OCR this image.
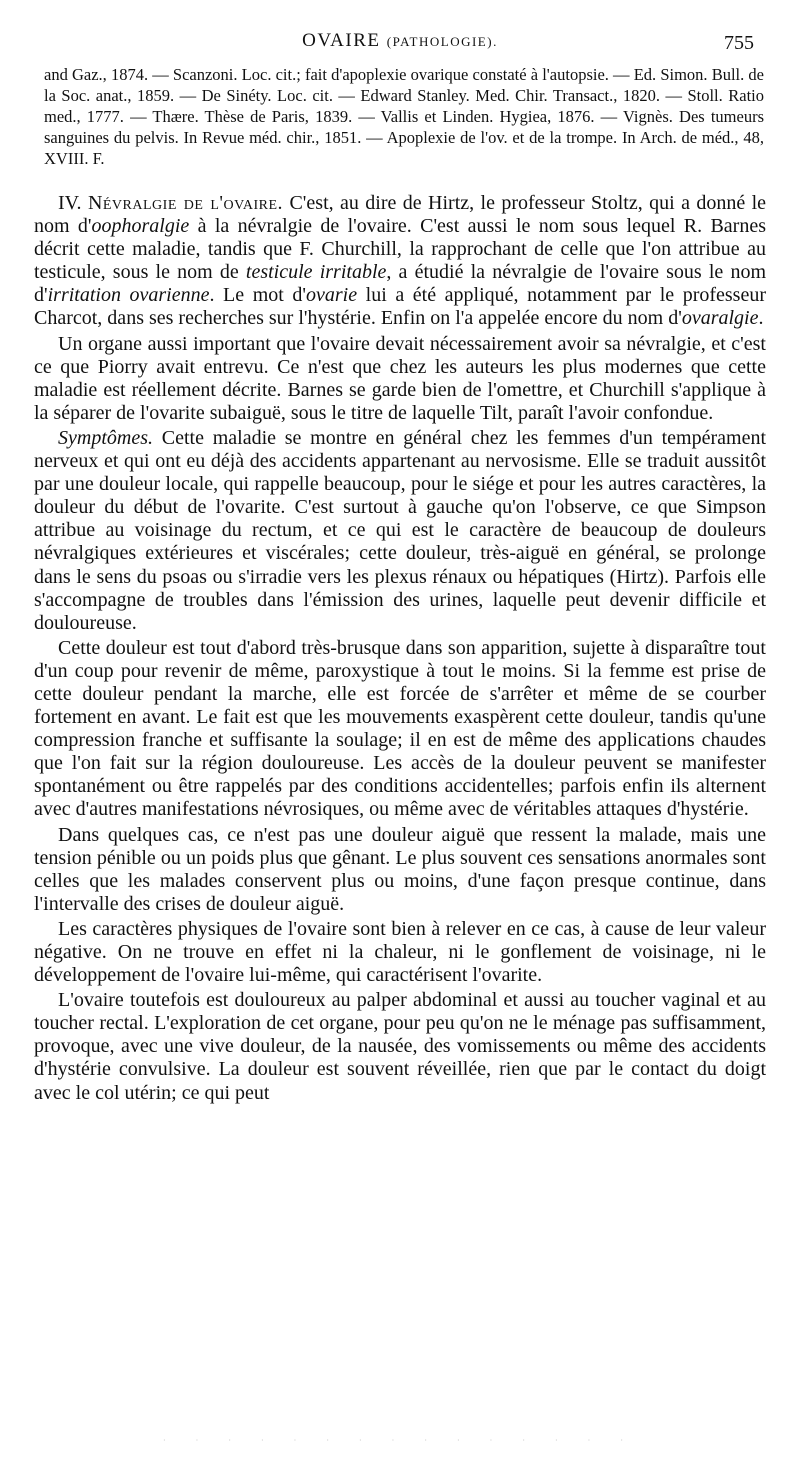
OVAIRE (PATHOLOGIE).	755

and Gaz., 1874. — Scanzoni. Loc. cit.; fait d'apoplexie ovarique constaté à l'autopsie. — Ed. Simon. Bull. de la Soc. anat., 1859. — De Sinéty. Loc. cit. — Edward Stanley. Med. Chir. Transact., 1820. — Stoll. Ratio med., 1777. — Thære. Thèse de Paris, 1839. — Vallis et Linden. Hygiea, 1876. — Vignès. Des tumeurs sanguines du pelvis. In Revue méd. chir., 1851. — Apoplexie de l'ov. et de la trompe. In Arch. de méd., 48, XVIII. F.

IV. Névralgie de l'ovaire. C'est, au dire de Hirtz, le professeur Stoltz, qui a donné le nom d'oophoralgie à la névralgie de l'ovaire. C'est aussi le nom sous lequel R. Barnes décrit cette maladie, tandis que F. Churchill, la rapprochant de celle que l'on attribue au testicule, sous le nom de testicule irritable, a étudié la névralgie de l'ovaire sous le nom d'irritation ovarienne. Le mot d'ovarie lui a été appliqué, notamment par le professeur Charcot, dans ses recherches sur l'hystérie. Enfin on l'a appelée encore du nom d'ovaralgie.

Un organe aussi important que l'ovaire devait nécessairement avoir sa névralgie, et c'est ce que Piorry avait entrevu. Ce n'est que chez les auteurs les plus modernes que cette maladie est réellement décrite. Barnes se garde bien de l'omettre, et Churchill s'applique à la séparer de l'ovarite subaiguë, sous le titre de laquelle Tilt, paraît l'avoir confondue.

Symptômes. Cette maladie se montre en général chez les femmes d'un tempérament nerveux et qui ont eu déjà des accidents appartenant au nervosisme. Elle se traduit aussitôt par une douleur locale, qui rappelle beaucoup, pour le siége et pour les autres caractères, la douleur du début de l'ovarite. C'est surtout à gauche qu'on l'observe, ce que Simpson attribue au voisinage du rectum, et ce qui est le caractère de beaucoup de douleurs névralgiques extérieures et viscérales; cette douleur, très-aiguë en général, se prolonge dans le sens du psoas ou s'irradie vers les plexus rénaux ou hépatiques (Hirtz). Parfois elle s'accompagne de troubles dans l'émission des urines, laquelle peut devenir difficile et douloureuse.

Cette douleur est tout d'abord très-brusque dans son apparition, sujette à disparaître tout d'un coup pour revenir de même, paroxystique à tout le moins. Si la femme est prise de cette douleur pendant la marche, elle est forcée de s'arrêter et même de se courber fortement en avant. Le fait est que les mouvements exaspèrent cette douleur, tandis qu'une compression franche et suffisante la soulage; il en est de même des applications chaudes que l'on fait sur la région douloureuse. Les accès de la douleur peuvent se manifester spontanément ou être rappelés par des conditions accidentelles; parfois enfin ils alternent avec d'autres manifestations névrosiques, ou même avec de véritables attaques d'hystérie.

Dans quelques cas, ce n'est pas une douleur aiguë que ressent la malade, mais une tension pénible ou un poids plus que gênant. Le plus souvent ces sensations anormales sont celles que les malades conservent plus ou moins, d'une façon presque continue, dans l'intervalle des crises de douleur aiguë.

Les caractères physiques de l'ovaire sont bien à relever en ce cas, à cause de leur valeur négative. On ne trouve en effet ni la chaleur, ni le gonflement de voisinage, ni le développement de l'ovaire lui-même, qui caractérisent l'ovarite.

L'ovaire toutefois est douloureux au palper abdominal et aussi au toucher vaginal et au toucher rectal. L'exploration de cet organe, pour peu qu'on ne le ménage pas suffisamment, provoque, avec une vive douleur, de la nausée, des vomissements ou même des accidents d'hystérie convulsive. La douleur est souvent réveillée, rien que par le contact du doigt avec le col utérin; ce qui peut

· · · · · · · · · · · · · · ·
